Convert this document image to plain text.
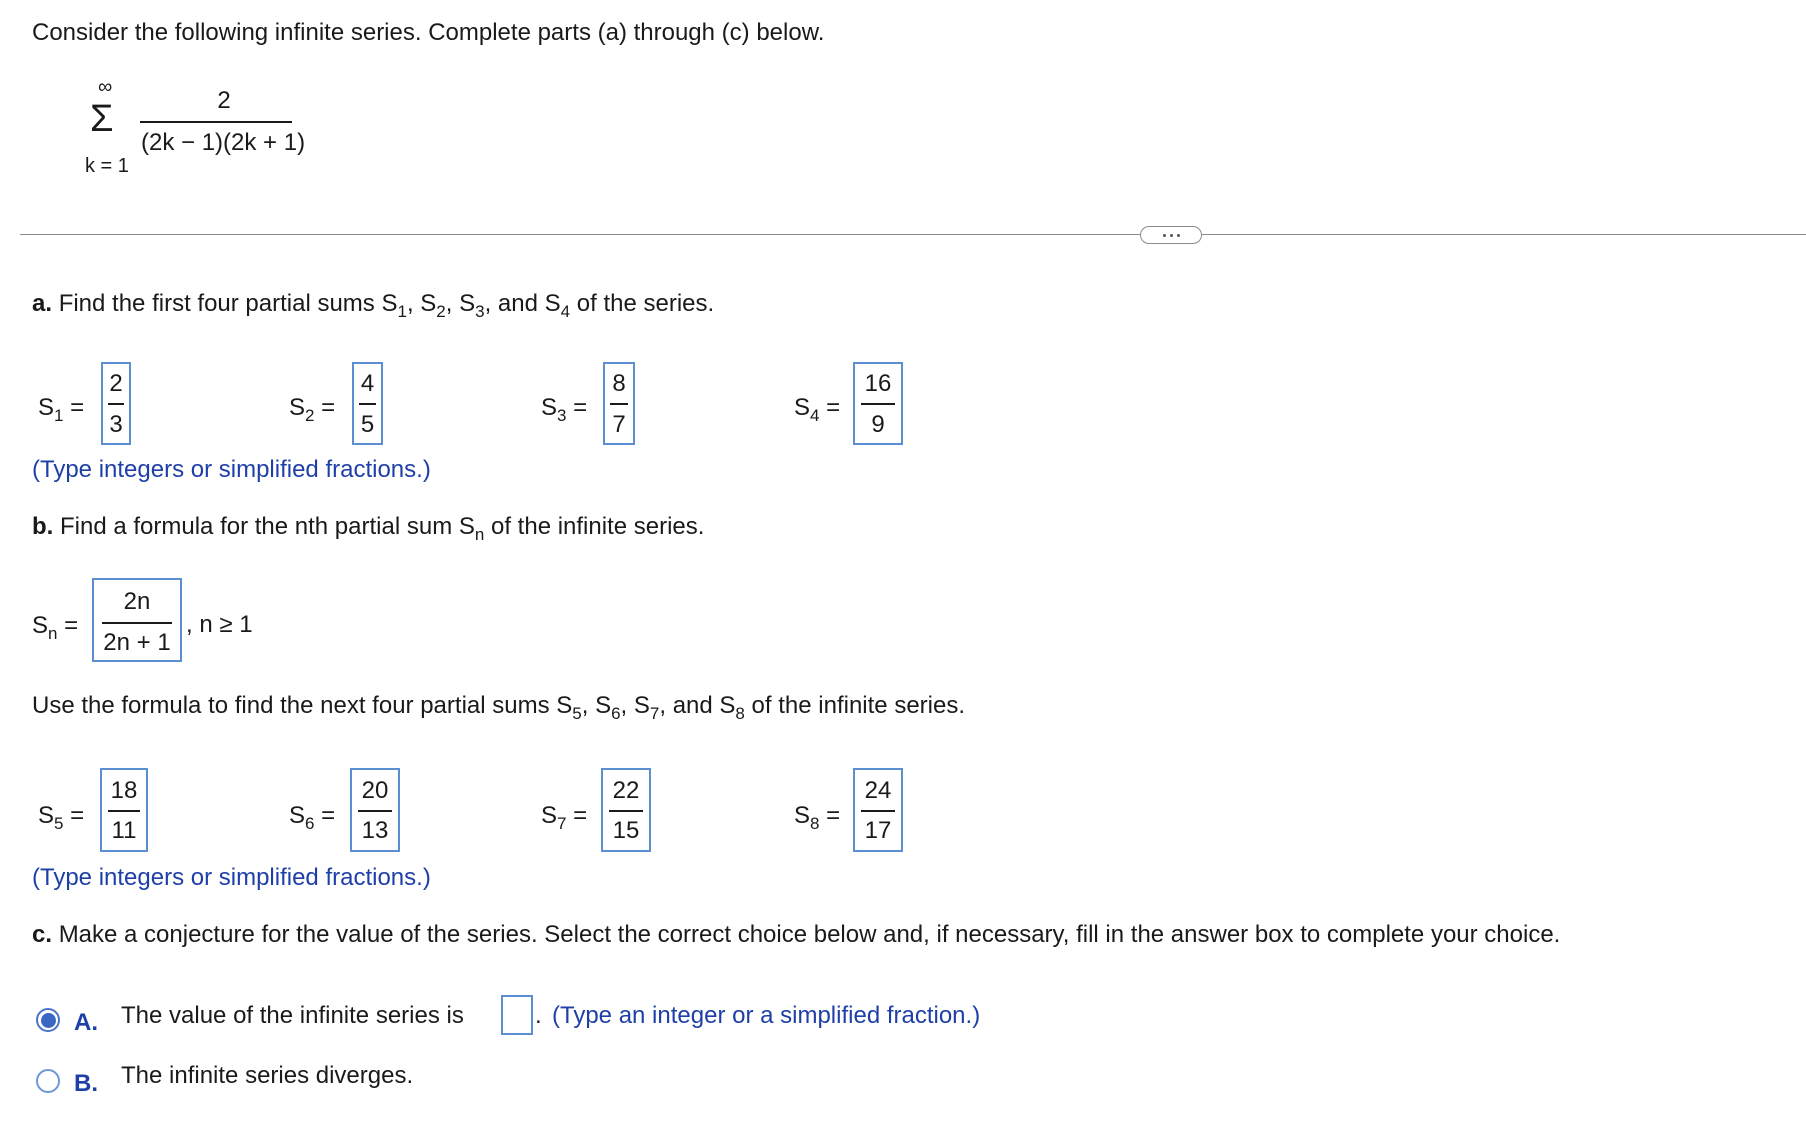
Consider the following infinite series. Complete parts (a) through (c) below.
∞
Σ
k = 1
2
(2k − 1)(2k + 1)
a. Find the first four partial sums $S_1$, $S_2$, $S_3$, and $S_4$ of the series.
$S_1$ =
2
3
$S_2$ =
4
5
$S_3$ =
8
7
$S_4$ =
16
9
(Type integers or simplified fractions.)
b. Find a formula for the nth partial sum $S_n$ of the infinite series.
$S_n$ =
2n
2n + 1
, n ≥ 1
Use the formula to find the next four partial sums $S_5$, $S_6$, $S_7$, and $S_8$ of the infinite series.
$S_5$ =
18
11
$S_6$ =
20
13
$S_7$ =
22
15
$S_8$ =
24
17
(Type integers or simplified fractions.)
c. Make a conjecture for the value of the series. Select the correct choice below and, if necessary, fill in the answer box to complete your choice.
A. The value of the infinite series is	. (Type an integer or a simplified fraction.)
B. The infinite series diverges.
